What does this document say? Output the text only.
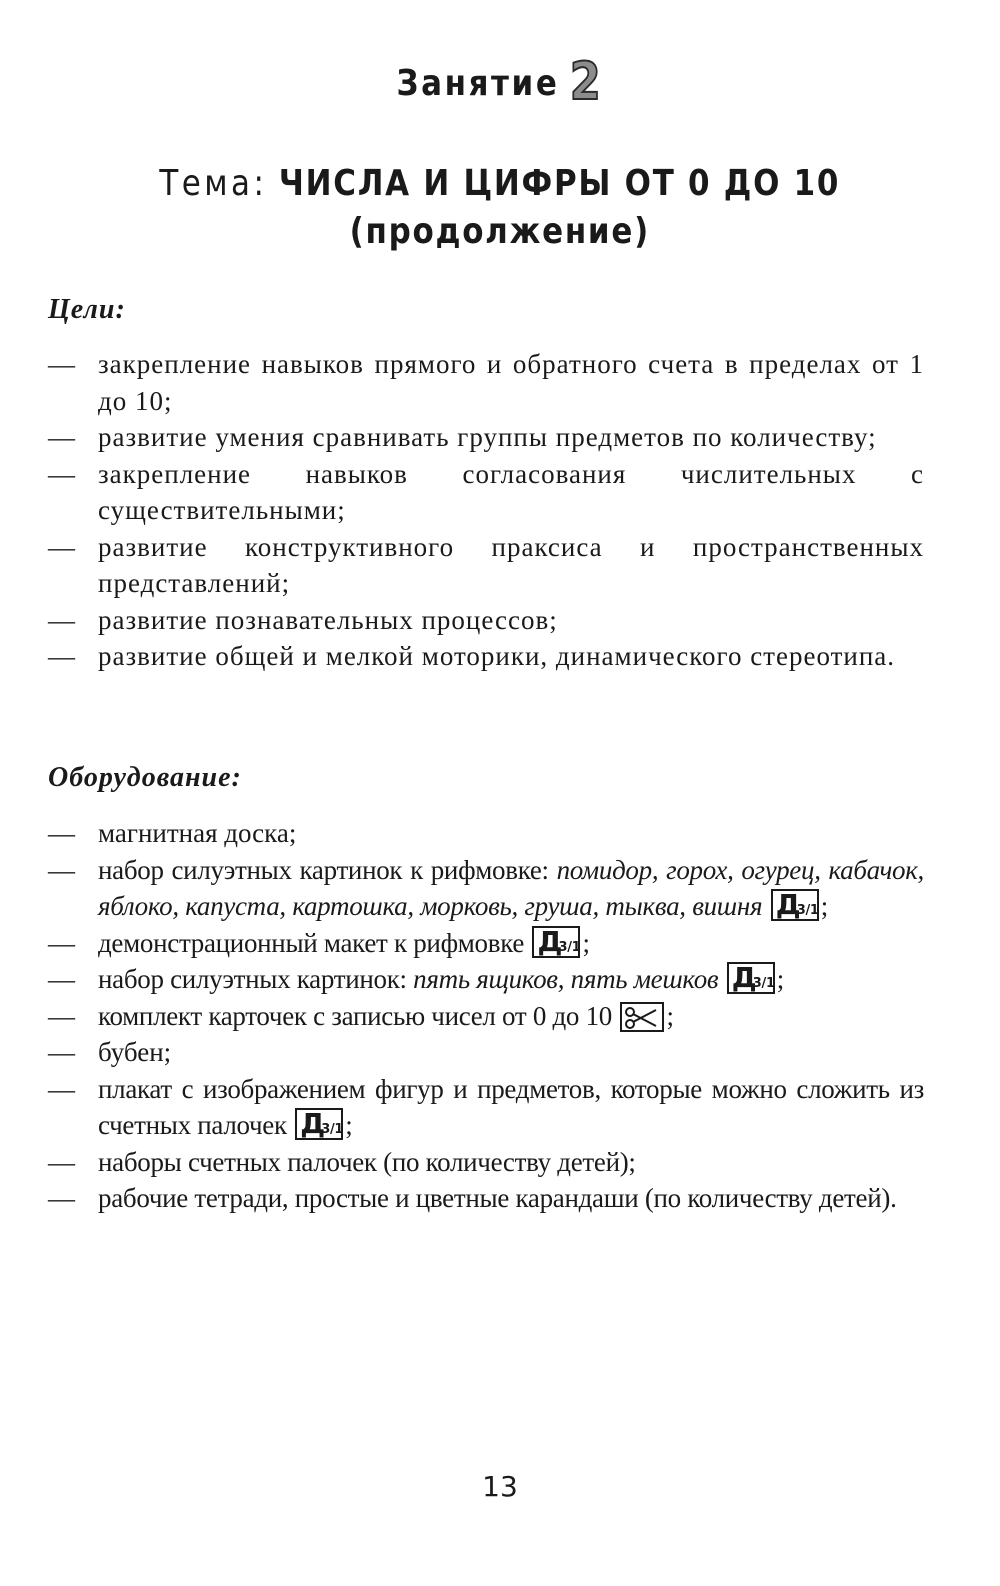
Занятие 2
Тема: ЧИСЛА И ЦИФРЫ ОТ 0 ДО 10
(продолжение)
Цели:
— закрепление навыков прямого и обратного счета в пределах от 1 до 10;
— развитие умения сравнивать группы предметов по количеству;
— закрепление навыков согласования числительных с существительными;
— развитие конструктивного праксиса и пространственных представлений;
— развитие познавательных процессов;
— развитие общей и мелкой моторики, динамического стереотипа.
Оборудование:
— магнитная доска;
— набор силуэтных картинок к рифмовке: помидор, горох, огурец, кабачок, яблоко, капуста, картошка, морковь, груша, тыква, вишня Д
3/1 ;
— демонстрационный макет к рифмовке Д
3/1 ;
— набор силуэтных картинок: пять ящиков, пять мешков Д
3/1 ;
— комплект карточек с записью чисел от 0 до 10 ;
— бубен;
— плакат с изображением фигур и предметов, которые можно сложить из счетных палочек Д
3/1 ;
— наборы счетных палочек (по количеству детей);
— рабочие тетради, простые и цветные карандаши (по количеству детей).
13
